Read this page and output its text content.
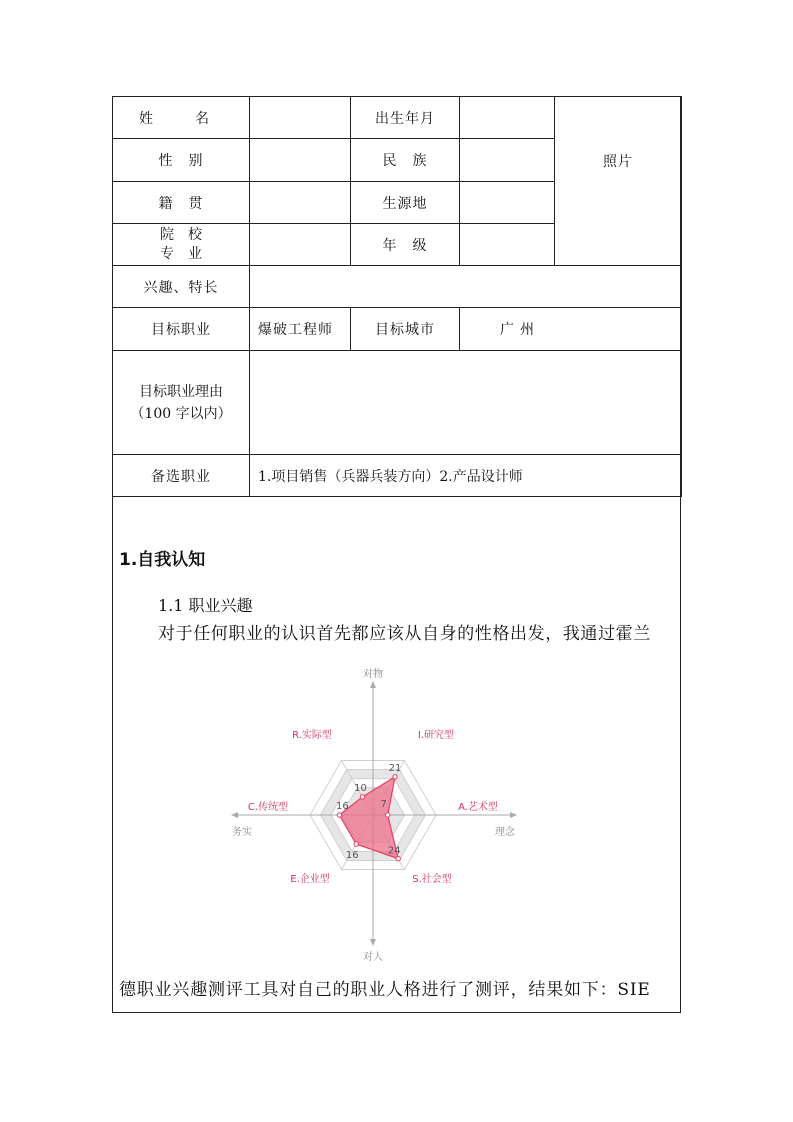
姓　名		出生年月		照片
性　别		民　族		
籍　贯		生源地		

院　校
专　业		年　级		
兴趣、特长				
目标职业	爆破工程师	目标城市	广州	

目标职业理由
（100 字以内）				

备选职业	1.项目销售（兵器兵装方向）2.产品设计师			
1.自我认知
1.1 职业兴趣
对于任何职业的认识首先都应该从自身的性格出发，我通过霍兰
21
7
24
16
16
10
I.研究型
A.艺术型
S.社会型
E.企业型
C.传统型
R.实际型
对物
对人
务实	理念
德职业兴趣测评工具对自己的职业人格进行了测评，结果如下：SIE
